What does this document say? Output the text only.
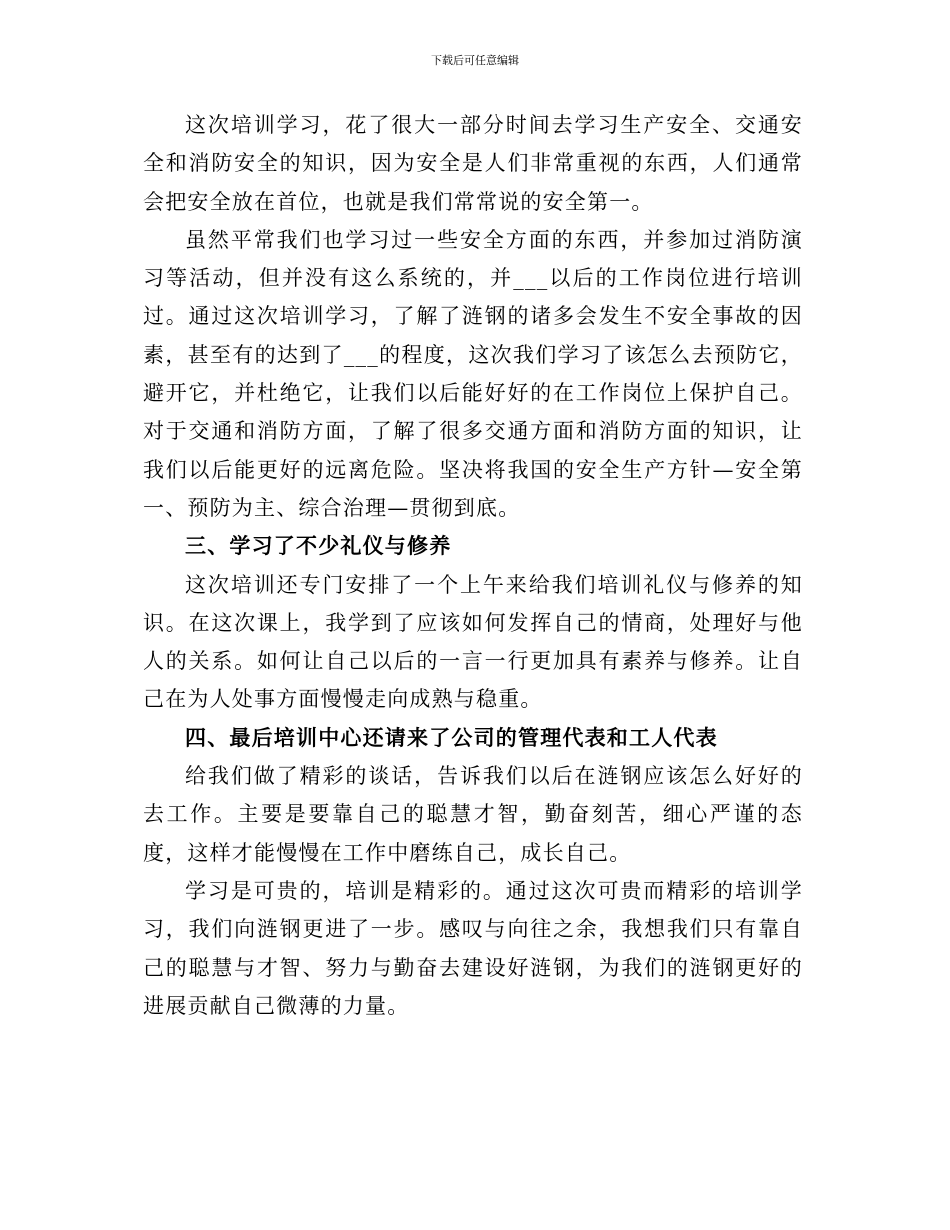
下载后可任意编辑

这次培训学习，花了很大一部分时间去学习生产安全、交通安全和消防安全的知识，因为安全是人们非常重视的东西，人们通常会把安全放在首位，也就是我们常常说的安全第一。

虽然平常我们也学习过一些安全方面的东西，并参加过消防演习等活动，但并没有这么系统的，并___以后的工作岗位进行培训过。通过这次培训学习，了解了涟钢的诸多会发生不安全事故的因素，甚至有的达到了___的程度，这次我们学习了该怎么去预防它，避开它，并杜绝它，让我们以后能好好的在工作岗位上保护自己。对于交通和消防方面，了解了很多交通方面和消防方面的知识，让我们以后能更好的远离危险。坚决将我国的安全生产方针—安全第一、预防为主、综合治理—贯彻到底。

三、学习了不少礼仪与修养

这次培训还专门安排了一个上午来给我们培训礼仪与修养的知识。在这次课上，我学到了应该如何发挥自己的情商，处理好与他人的关系。如何让自己以后的一言一行更加具有素养与修养。让自己在为人处事方面慢慢走向成熟与稳重。

四、最后培训中心还请来了公司的管理代表和工人代表

给我们做了精彩的谈话，告诉我们以后在涟钢应该怎么好好的去工作。主要是要靠自己的聪慧才智，勤奋刻苦，细心严谨的态度，这样才能慢慢在工作中磨练自己，成长自己。

学习是可贵的，培训是精彩的。通过这次可贵而精彩的培训学习，我们向涟钢更进了一步。感叹与向往之余，我想我们只有靠自己的聪慧与才智、努力与勤奋去建设好涟钢，为我们的涟钢更好的进展贡献自己微薄的力量。
